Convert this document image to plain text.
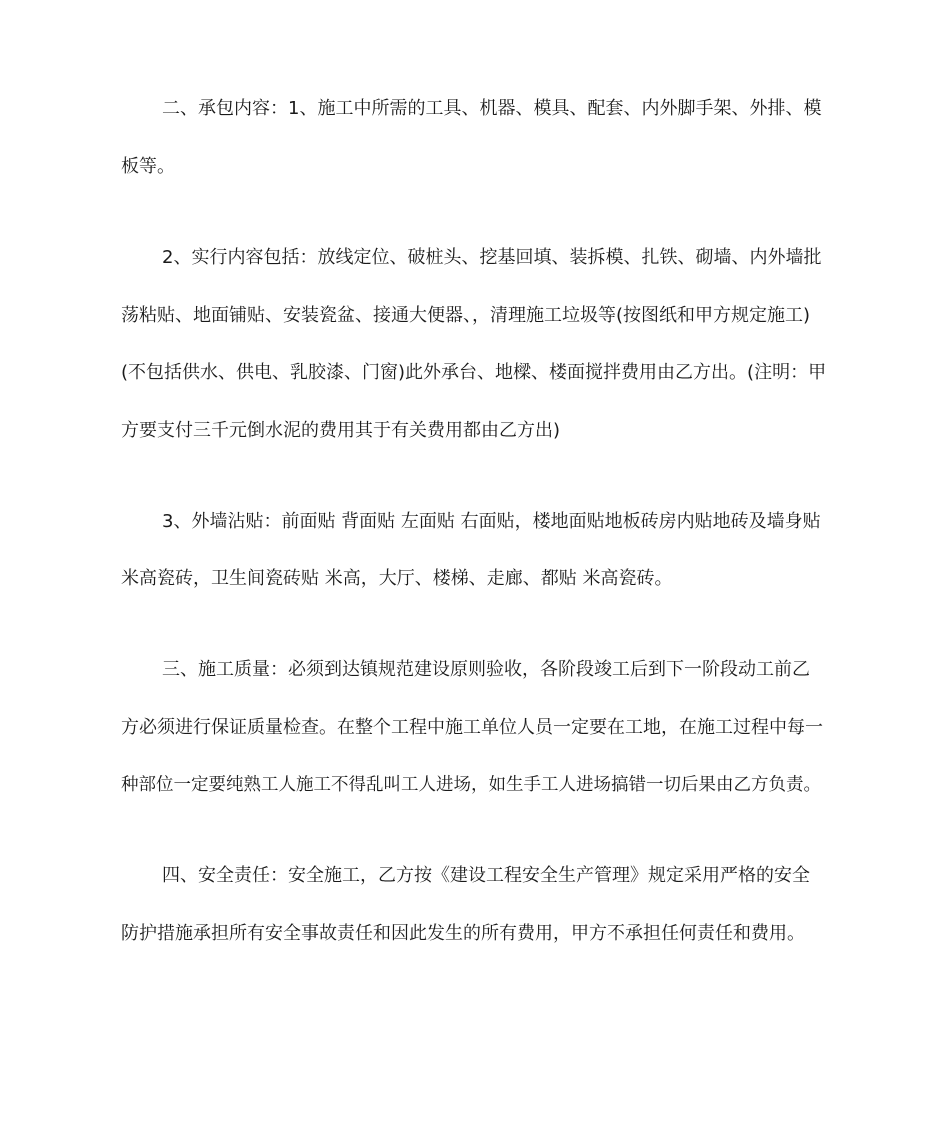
二、承包内容：1、施工中所需的工具、机器、模具、配套、内外脚手架、外排、模
板等。
2、实行内容包括：放线定位、破桩头、挖基回填、装拆模、扎铁、砌墙、内外墙批
荡粘贴、地面铺贴、安装瓷盆、接通大便器、，清理施工垃圾等(按图纸和甲方规定施工)
(不包括供水、供电、乳胶漆、门窗)此外承台、地樑、楼面搅拌费用由乙方出。(注明：甲
方要支付三千元倒水泥的费用其于有关费用都由乙方出)
3、外墙沾贴：前面贴 背面贴 左面贴 右面贴，楼地面贴地板砖房内贴地砖及墙身贴
米高瓷砖，卫生间瓷砖贴 米高，大厅、楼梯、走廊、都贴 米高瓷砖。
三、施工质量：必须到达镇规范建设原则验收，各阶段竣工后到下一阶段动工前乙
方必须进行保证质量检查。在整个工程中施工单位人员一定要在工地，在施工过程中每一
种部位一定要纯熟工人施工不得乱叫工人进场，如生手工人进场搞错一切后果由乙方负责。
四、安全责任：安全施工，乙方按《建设工程安全生产管理》规定采用严格的安全
防护措施承担所有安全事故责任和因此发生的所有费用，甲方不承担任何责任和费用。
